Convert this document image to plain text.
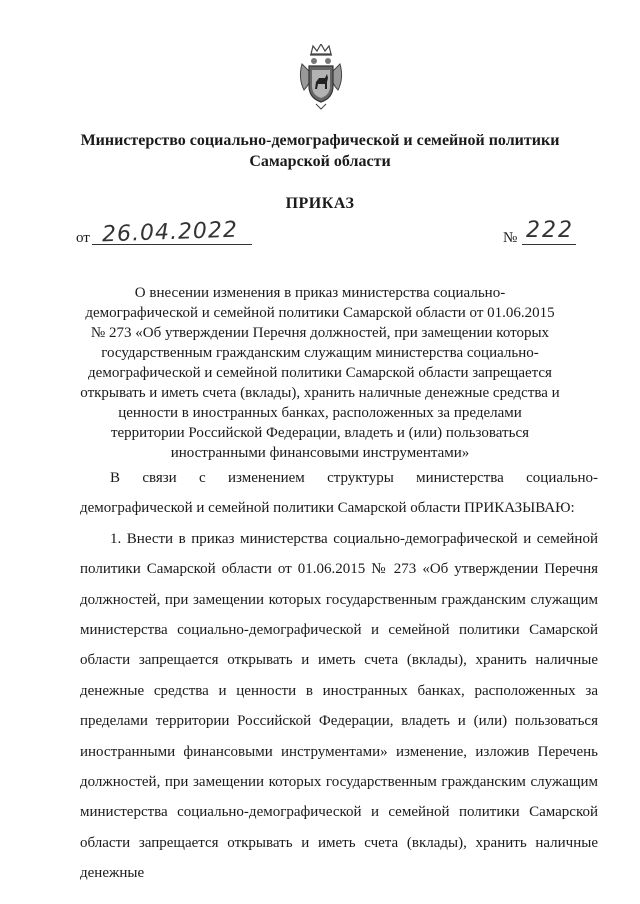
Министерство социально-демографической и семейной политики
Самарской области
ПРИКАЗ
от 26.04.2022	№ 222
О внесении изменения в приказ министерства социально-демографической и семейной политики Самарской области от 01.06.2015 № 273 «Об утверждении Перечня должностей, при замещении которых государственным гражданским служащим министерства социально-демографической и семейной политики Самарской области запрещается открывать и иметь счета (вклады), хранить наличные денежные средства и ценности в иностранных банках, расположенных за пределами территории Российской Федерации, владеть и (или) пользоваться иностранными финансовыми инструментами»

В связи с изменением структуры министерства социально-демографической и семейной политики Самарской области ПРИКАЗЫВАЮ:

1. Внести в приказ министерства социально-демографической и семейной политики Самарской области от 01.06.2015 № 273 «Об утверждении Перечня должностей, при замещении которых государственным гражданским служащим министерства социально-демографической и семейной политики Самарской области запрещается открывать и иметь счета (вклады), хранить наличные денежные средства и ценности в иностранных банках, расположенных за пределами территории Российской Федерации, владеть и (или) пользоваться иностранными финансовыми инструментами» изменение, изложив Перечень должностей, при замещении которых государственным гражданским служащим министерства социально-демографической и семейной политики Самарской области запрещается открывать и иметь счета (вклады), хранить наличные денежные
